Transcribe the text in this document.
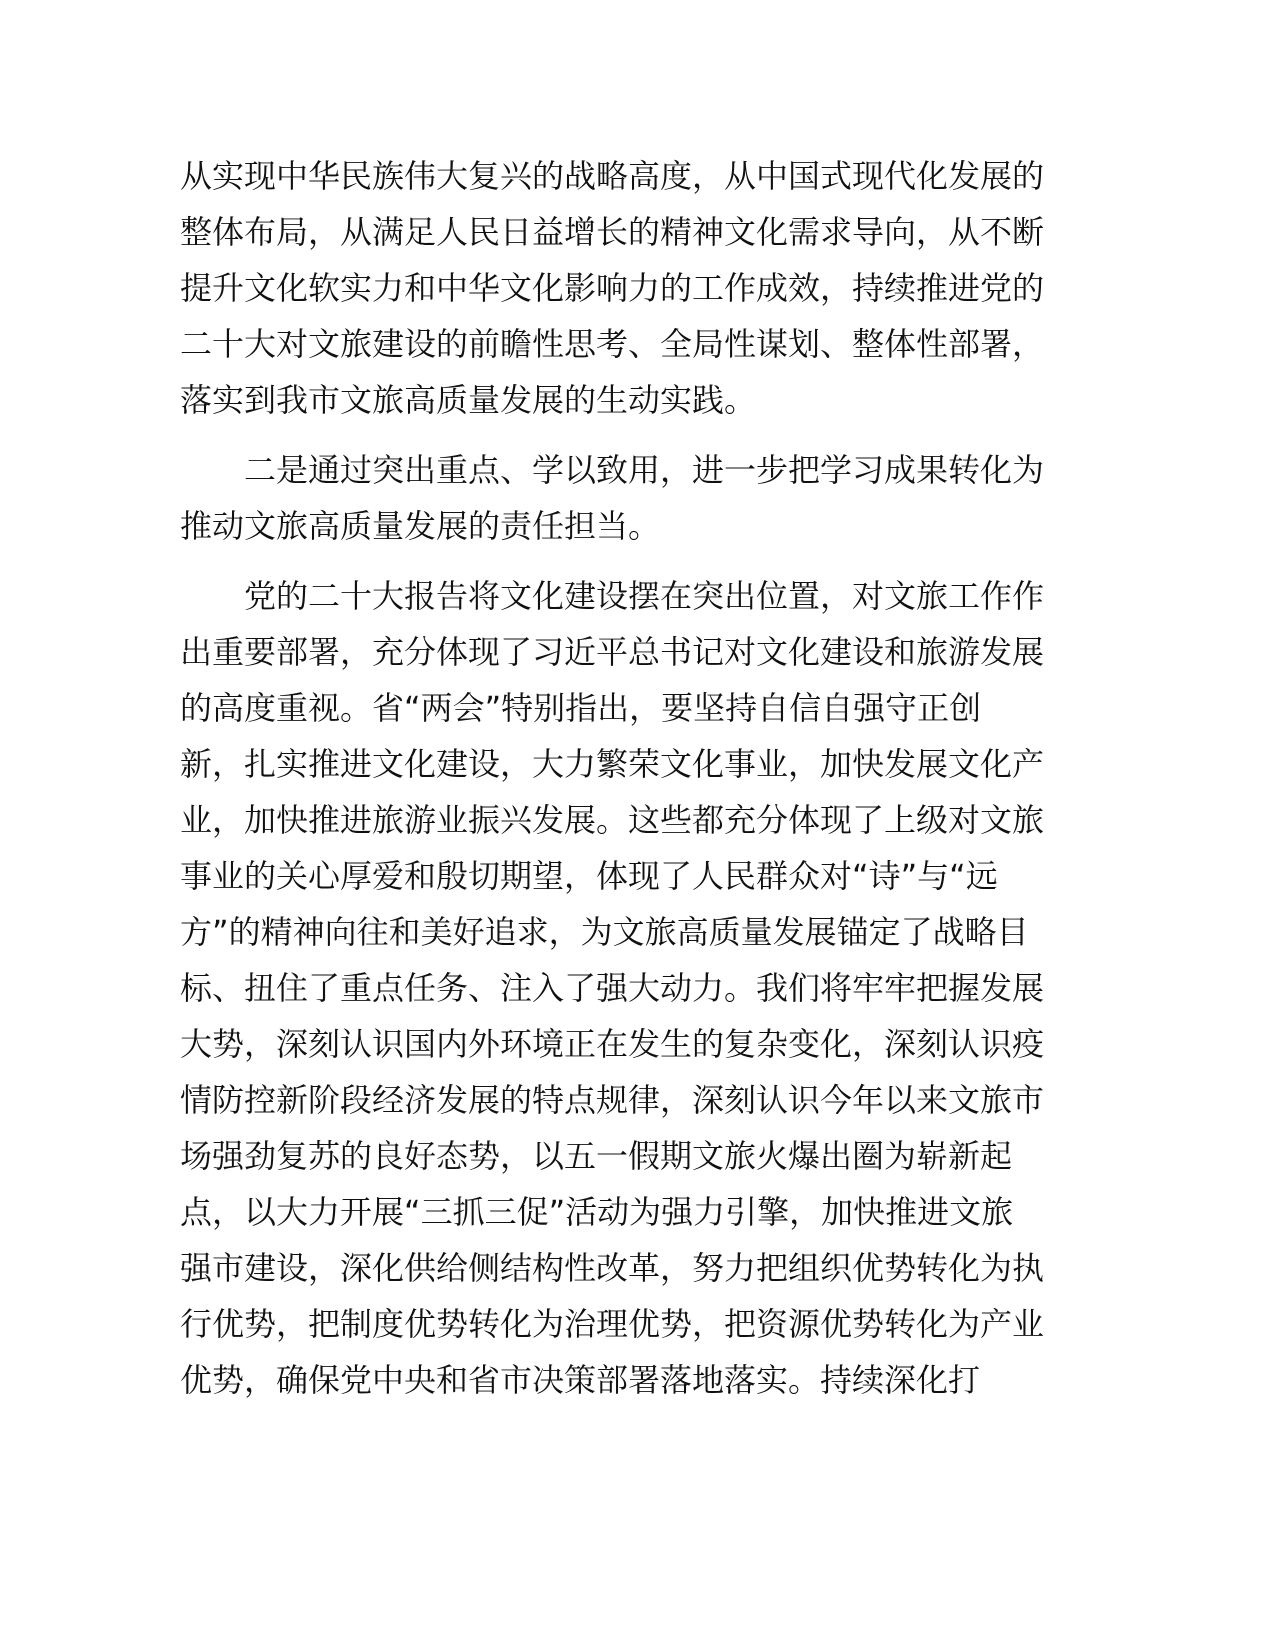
从实现中华民族伟大复兴的战略高度，从中国式现代化发展的
整体布局，从满足人民日益增长的精神文化需求导向，从不断
提升文化软实力和中华文化影响力的工作成效，持续推进党的
二十大对文旅建设的前瞻性思考、全局性谋划、整体性部署，
落实到我市文旅高质量发展的生动实践。
二是通过突出重点、学以致用，进一步把学习成果转化为
推动文旅高质量发展的责任担当。
党的二十大报告将文化建设摆在突出位置，对文旅工作作
出重要部署，充分体现了习近平总书记对文化建设和旅游发展
的高度重视。省“两会”特别指出，要坚持自信自强守正创
新，扎实推进文化建设，大力繁荣文化事业，加快发展文化产
业，加快推进旅游业振兴发展。这些都充分体现了上级对文旅
事业的关心厚爱和殷切期望，体现了人民群众对“诗”与“远
方”的精神向往和美好追求，为文旅高质量发展锚定了战略目
标、扭住了重点任务、注入了强大动力。我们将牢牢把握发展
大势，深刻认识国内外环境正在发生的复杂变化，深刻认识疫
情防控新阶段经济发展的特点规律，深刻认识今年以来文旅市
场强劲复苏的良好态势，以五一假期文旅火爆出圈为崭新起
点，以大力开展“三抓三促”活动为强力引擎，加快推进文旅
强市建设，深化供给侧结构性改革，努力把组织优势转化为执
行优势，把制度优势转化为治理优势，把资源优势转化为产业
优势，确保党中央和省市决策部署落地落实。持续深化打
